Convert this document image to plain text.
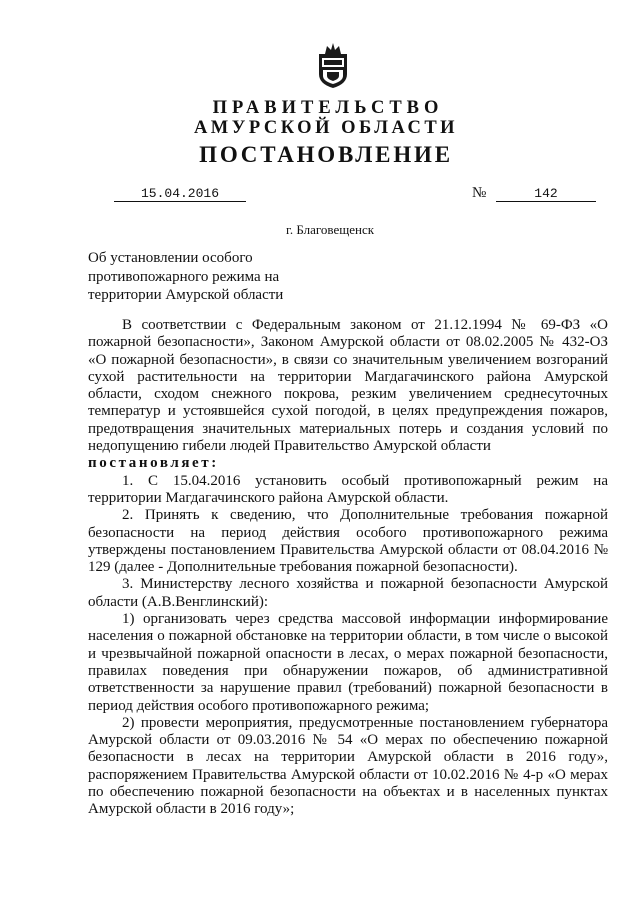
ПРАВИТЕЛЬСТВО
АМУРСКОЙ ОБЛАСТИ
ПОСТАНОВЛЕНИЕ
15.04.2016	№	142
г. Благовещенск
Об установлении особого
противопожарного режима на
территории Амурской области

В соответствии с Федеральным законом от 21.12.1994 № 69-ФЗ «О пожарной безопасности», Законом Амурской области от 08.02.2005 № 432-ОЗ «О пожарной безопасности», в связи со значительным увеличением возгораний сухой растительности на территории Магдагачинского района Амурской области, сходом снежного покрова, резким увеличением среднесуточных температур и устоявшейся сухой погодой, в целях предупреждения пожаров, предотвращения значительных материальных потерь и создания условий по недопущению гибели людей Правительство Амурской области

постановляет:

1. С 15.04.2016 установить особый противопожарный режим на территории Магдагачинского района Амурской области.

2. Принять к сведению, что Дополнительные требования пожарной безопасности на период действия особого противопожарного режима утверждены постановлением Правительства Амурской области от 08.04.2016 № 129 (далее - Дополнительные требования пожарной безопасности).

3. Министерству лесного хозяйства и пожарной безопасности Амурской области (А.В.Венглинский):

1) организовать через средства массовой информации информирование населения о пожарной обстановке на территории области, в том числе о высокой и чрезвычайной пожарной опасности в лесах, о мерах пожарной безопасности, правилах поведения при обнаружении пожаров, об административной ответственности за нарушение правил (требований) пожарной безопасности в период действия особого противопожарного режима;

2) провести мероприятия, предусмотренные постановлением губернатора Амурской области от 09.03.2016 № 54 «О мерах по обеспечению пожарной безопасности в лесах на территории Амурской области в 2016 году», распоряжением Правительства Амурской области от 10.02.2016 № 4-р «О мерах по обеспечению пожарной безопасности на объектах и в населенных пунктах Амурской области в 2016 году»;
